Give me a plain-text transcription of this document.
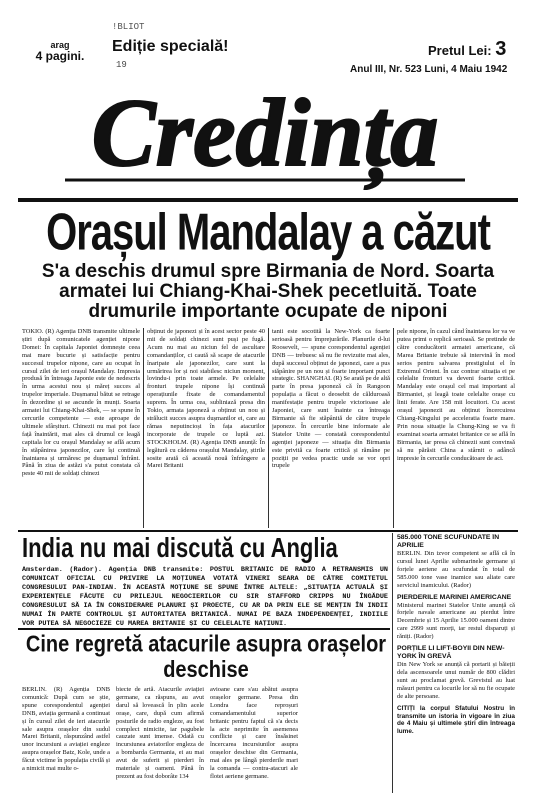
!BLIOT
arag
4 pagini.
Ediție specială!
19
Pretul Lei: 3
Anul III, Nr. 523 Luni, 4 Maiu 1942
Credința
Orașul Mandalay a căzut
S'a deschis drumul spre Birmania de Nord. Soarta armatei lui Chiang-Khai-Shek pecetluită. Toate drumurile importante ocupate de niponi
TOKIO. (R) Agenția DNB transmite ultimele știri după comunicatele agenției nipone Domei: În capitala Japoniei domnește ceea mai mare bucurie și satisfacție pentru succesul trupelor nipone, care au ocupat în cursul zilei de ieri orașul Mandalay. Impresia produsă în întreaga Japonie este de nedescris în urma acestui nou și măreț succes al trupelor imperiale. Dușmanul bătut se retrage în dezordine și se ascunde în munți. Soarta armatei lui Chiang-Khai-Shek, — se spune în cercurile competente — este aproape de ultimele sfârșituri. Chinezii nu mai pot face față înaintării, mai ales că drumul ce leagă capitala lor cu orașul Mandalay se află acum în stăpânirea japonezilor, care își continuă înaintarea și urmăresc pe dușmanul înfrânt. Până în ziua de astăzi s'a putut constata că peste 40 mii de soldați chinezi
obținut de japonezi și în acest sector peste 40 mii de soldați chinezi sunt puși pe fugă. Acum nu mai au niciun fel de ascultare comandanților, ci caută să scape de atacurile înaripate ale japonezilor, care sunt la urmărirea lor și noi stabilesc niciun moment, lovindu-i prin toate armele. Pe celelalte fronturi trupele nipone își continuă operațiunile fixate de comandamentul suprem. În urma cea, subliniază presa din Tokio, armata japoneză a obținut un nou și strălucit succes asupra dușmanilor ei, care au rămas neputincioși în fața atacurilor incorporate de trupele ce luptă azi. STOCKHOLM. (R) Agenția DNB anunță: În legătură cu căderea orașului Mandalay, știrile sosite arată că această nouă înfrângere a Marei Britanii
tanii este socotită la New-York ca foarte serioasă pentru împrejurările. Planurile d-lui Roosevelt, — spune corespondentul agenției DNB — trebuesc să nu fie revizuite mai ales, după succesul obținut de japonezi, care a pus stăpânire pe un nou și foarte important punct strategic. SHANGHAI. (R) Se arată pe de altă parte în presa japoneză că în Rangoon populația a făcut o deosebit de călduroasă manifestație pentru trupele victorioase ale Japoniei, care sunt înainte ca întreaga Birmanie să fie stăpânită de către trupele japoneze. În cercurile bine informate ale Statelor Unite — constată corespondentul agenției japoneze — situația din Birmania este privită ca foarte critică și rămâne pe poziții pe vedea practic unde se vor opri trupele
pele nipone, în cazul când înaintarea lor va ve putea primi o replică serioasă. Se pretinde de către conducătorii armatei americane, că Marea Britanie trebuie să intervină în mod serios pentru salvarea prestigiului el în Extremul Orient. În caz contrar situația ei pe celelalte fronturi va deveni foarte critică. Mandalay este orașul cel mai important al Birmaniei, și leagă toate celelalte orașe cu linii ferate. Are 158 mii locuitori. Cu acest orașul japonezii au obținut încercuirea Chiang-Kingului pe acceleratia foarte mare. Prin noua situație la Chung-King se va fi examinat soarta armatei britanice ce se află în Birmania, iar presa că chinezii sunt convinsă să nu părăsit China a stârnit o adâncă impresie în cercurile conducătoare de aci.
India nu mai discută cu Anglia
Amsterdam. (Rador). Agenția DNB transmite: POSTUL BRITANIC DE RADIO A RETRANSMIS UN COMUNICAT OFICIAL CU PRIVIRE LA MOȚIUNEA VOTATĂ VINERI SEARA DE CĂTRE COMITETUL CONGRESULUI PAN-INDIAN. ÎN ACEASTĂ MOȚIUNE SE SPUNE ÎNTRE ALTELE: „SITUAȚIA ACTUALĂ ȘI EXPERIENȚELE FĂCUTE CU PRILEJUL NEGOCIERILOR CU SIR STAFFORD CRIPPS NU ÎNGĂDUE CONGRESULUI SĂ IA ÎN CONSIDERARE PLANURI ȘI PROECTE, CU AR DA PRIN ELE SE MENȚIN ÎN INDII NUMAI ÎN PARTE CONTROLUL ȘI AUTORITATEA BRITANICĂ. NUMAI PE BAZA INDEPENDENȚEI, INDIILE VOR PUTEA SĂ NEGOCIEZE CU MAREA BRITANIE ȘI CU CELELALTE NAȚIUNI.
585.000 TONE SCUFUNDATE ÎN APRILIE
BERLIN. Din izvor competent se află că în cursul lunei Aprilie submarinele germane și forțele aeriene au scufundat în total de 585.000 tone vase inamice sau aliate care serviciul inamicului. (Rador)
PIERDERILE MARINEI AMERICANE
Ministerul marinei Statelor Unite anunță că forțele navale americane au pierdut între Decembrie și 15 Aprilie 15.000 oameni dintre care 2999 sunt morți, iar restul disparuți și răniți. (Rador)
PORȚILE LI LIFT-BOYII DIN NEW-YORK ÎN GREVĂ
Din New York se anunță că portarii și băieții dela ascensoarele unui număr de 800 clădiri sunt au proclamat grevă. Grevistul au luat măsuri pentru ca locurile lor să nu fie ocupate de alte persoane.
CITIȚI la corpul Sfatului Nostru în transmite un istoria în vigoare în ziua de 4 Maiu și ultimele știri din întreaga lume.
Cine regretă atacurile asupra orașelor deschise
BERLIN. (R) Agenția DNB comunică: După cum se știe, spune corespondentul agenției DNB, aviația germană a continuat și în cursul zilei de ieri atacurile sale asupra orașelor din sudul Marei Britanii, răspunzând astfel unor incursiuni a aviației engleze asupra orașelor Batz, Kole, unde a făcut victime în populația civilă și a nimicit mai multe o-
biecte de artă. Atacurile aviației germane, ca răspuns, au avut darul să lovească în plin acele orașe, care, după cum afirmă posturile de radio engleze, au fost complect nimicite, iar pagubele cauzate sunt imense. Odată cu incursiunea aviatorilor engleza de a bombarda Germania, ei au mai avut de suferit și pierderi în materiale și oameni. Până în prezent au fost doborâte 134
avioane care s'au abătut asupra orașelor germane. Presa din Londra face reproșuri comandamentului superior britanic pentru faptul că s'a decis la acte neprimite în asemenea conflicte și care însăsinet încercarea incursiunilor asupra orașelor deschise din Germania, mai ales pe lângă pierderile mari la comanda — contra-atacuri ale flotei aeriene germane.
